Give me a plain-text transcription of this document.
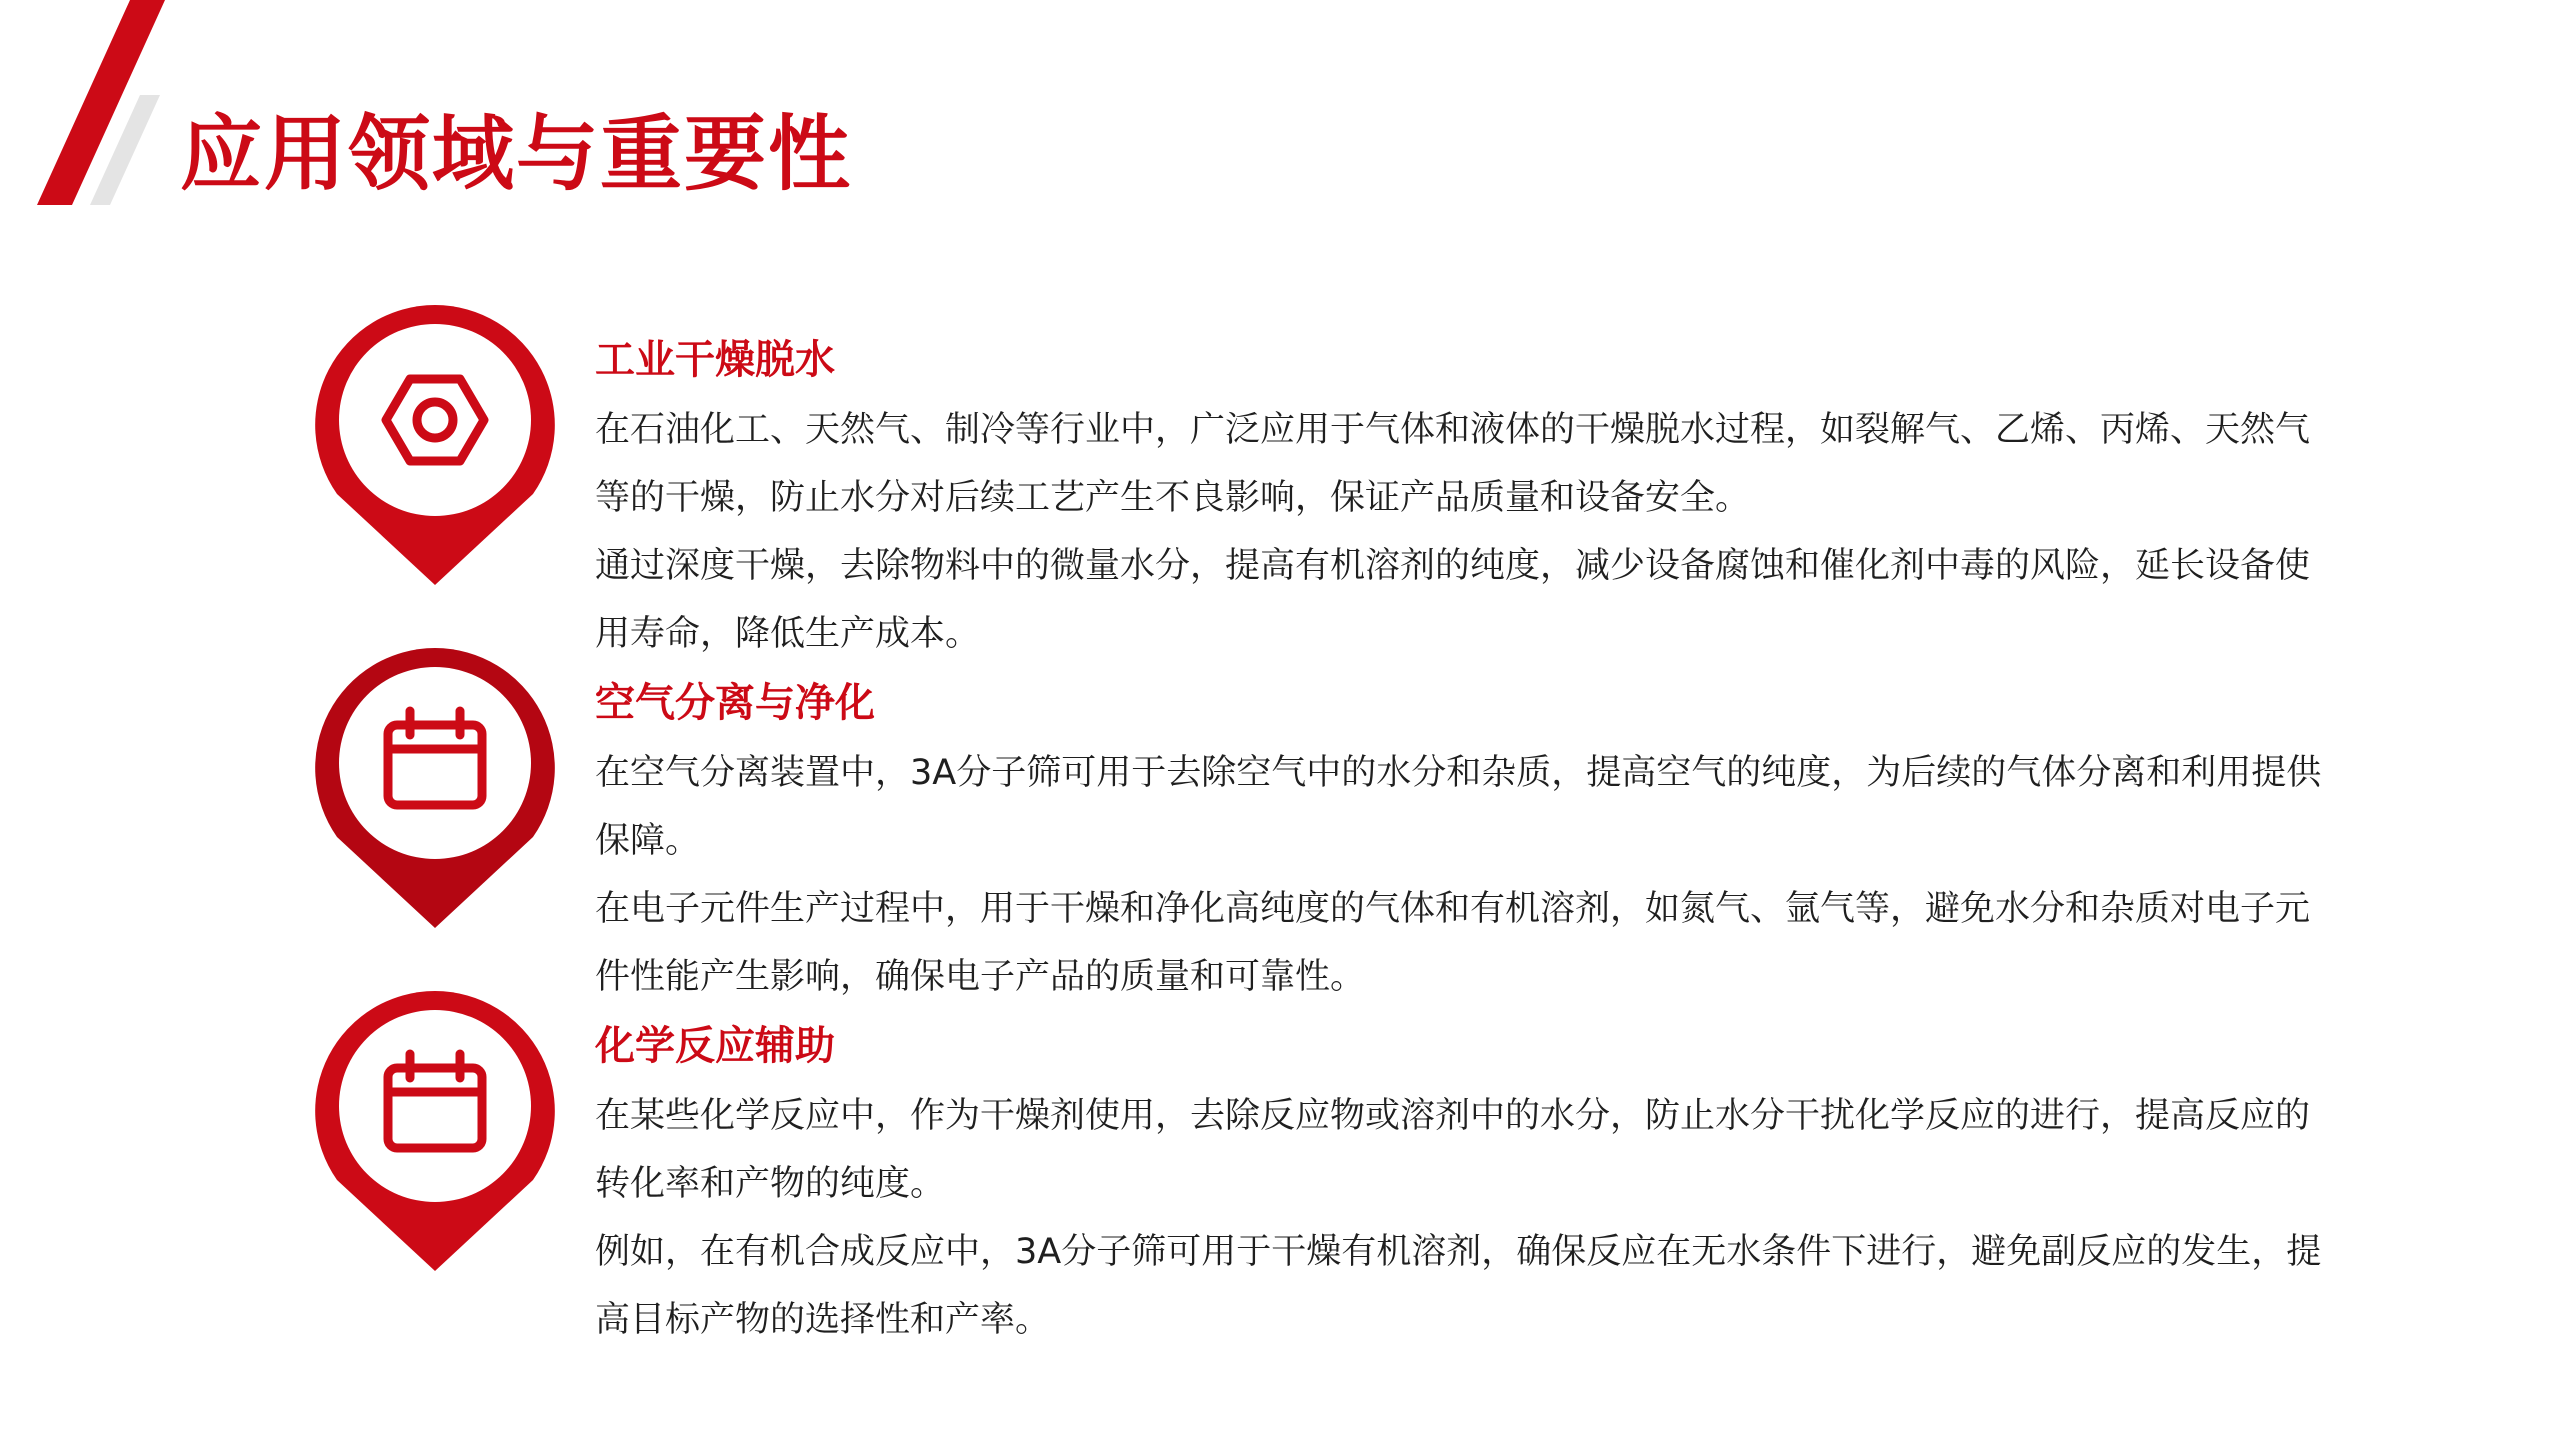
应用领域与重要性
工业干燥脱水

在石油化工、天然气、制冷等行业中，广泛应用于气体和液体的干燥脱水过程，如裂解气、乙烯、丙烯、天然气等的干燥，防止水分对后续工艺产生不良影响，保证产品质量和设备安全。

通过深度干燥，去除物料中的微量水分，提高有机溶剂的纯度，减少设备腐蚀和催化剂中毒的风险，延长设备使用寿命，降低生产成本。

空气分离与净化

在空气分离装置中，3A分子筛可用于去除空气中的水分和杂质，提高空气的纯度，为后续的气体分离和利用提供保障。

在电子元件生产过程中，用于干燥和净化高纯度的气体和有机溶剂，如氮气、氩气等，避免水分和杂质对电子元件性能产生影响，确保电子产品的质量和可靠性。

化学反应辅助

在某些化学反应中，作为干燥剂使用，去除反应物或溶剂中的水分，防止水分干扰化学反应的进行，提高反应的转化率和产物的纯度。

例如，在有机合成反应中，3A分子筛可用于干燥有机溶剂，确保反应在无水条件下进行，避免副反应的发生，提高目标产物的选择性和产率。
